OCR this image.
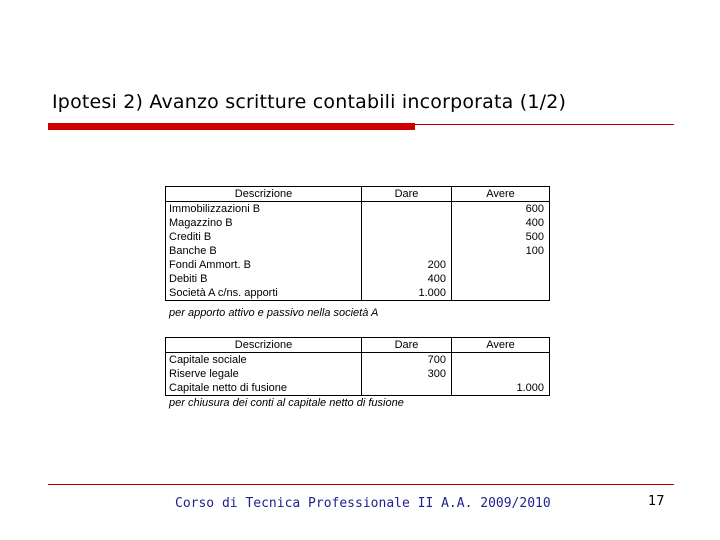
Ipotesi 2) Avanzo scritture contabili incorporata (1/2)
Descrizione	Dare	Avere
Immobilizzazioni B		600
Magazzino B		400
Crediti B		500
Banche B		100
Fondi Ammort. B	200	
Debiti B	400	
Società A c/ns. apporti	1.000	
per apporto attivo e passivo nella società A
Descrizione	Dare	Avere
Capitale sociale	700	
Riserve legale	300	
Capitale netto di fusione		1.000
per chiusura dei conti al capitale netto di fusione
Corso di Tecnica Professionale II A.A. 2009/2010	17
